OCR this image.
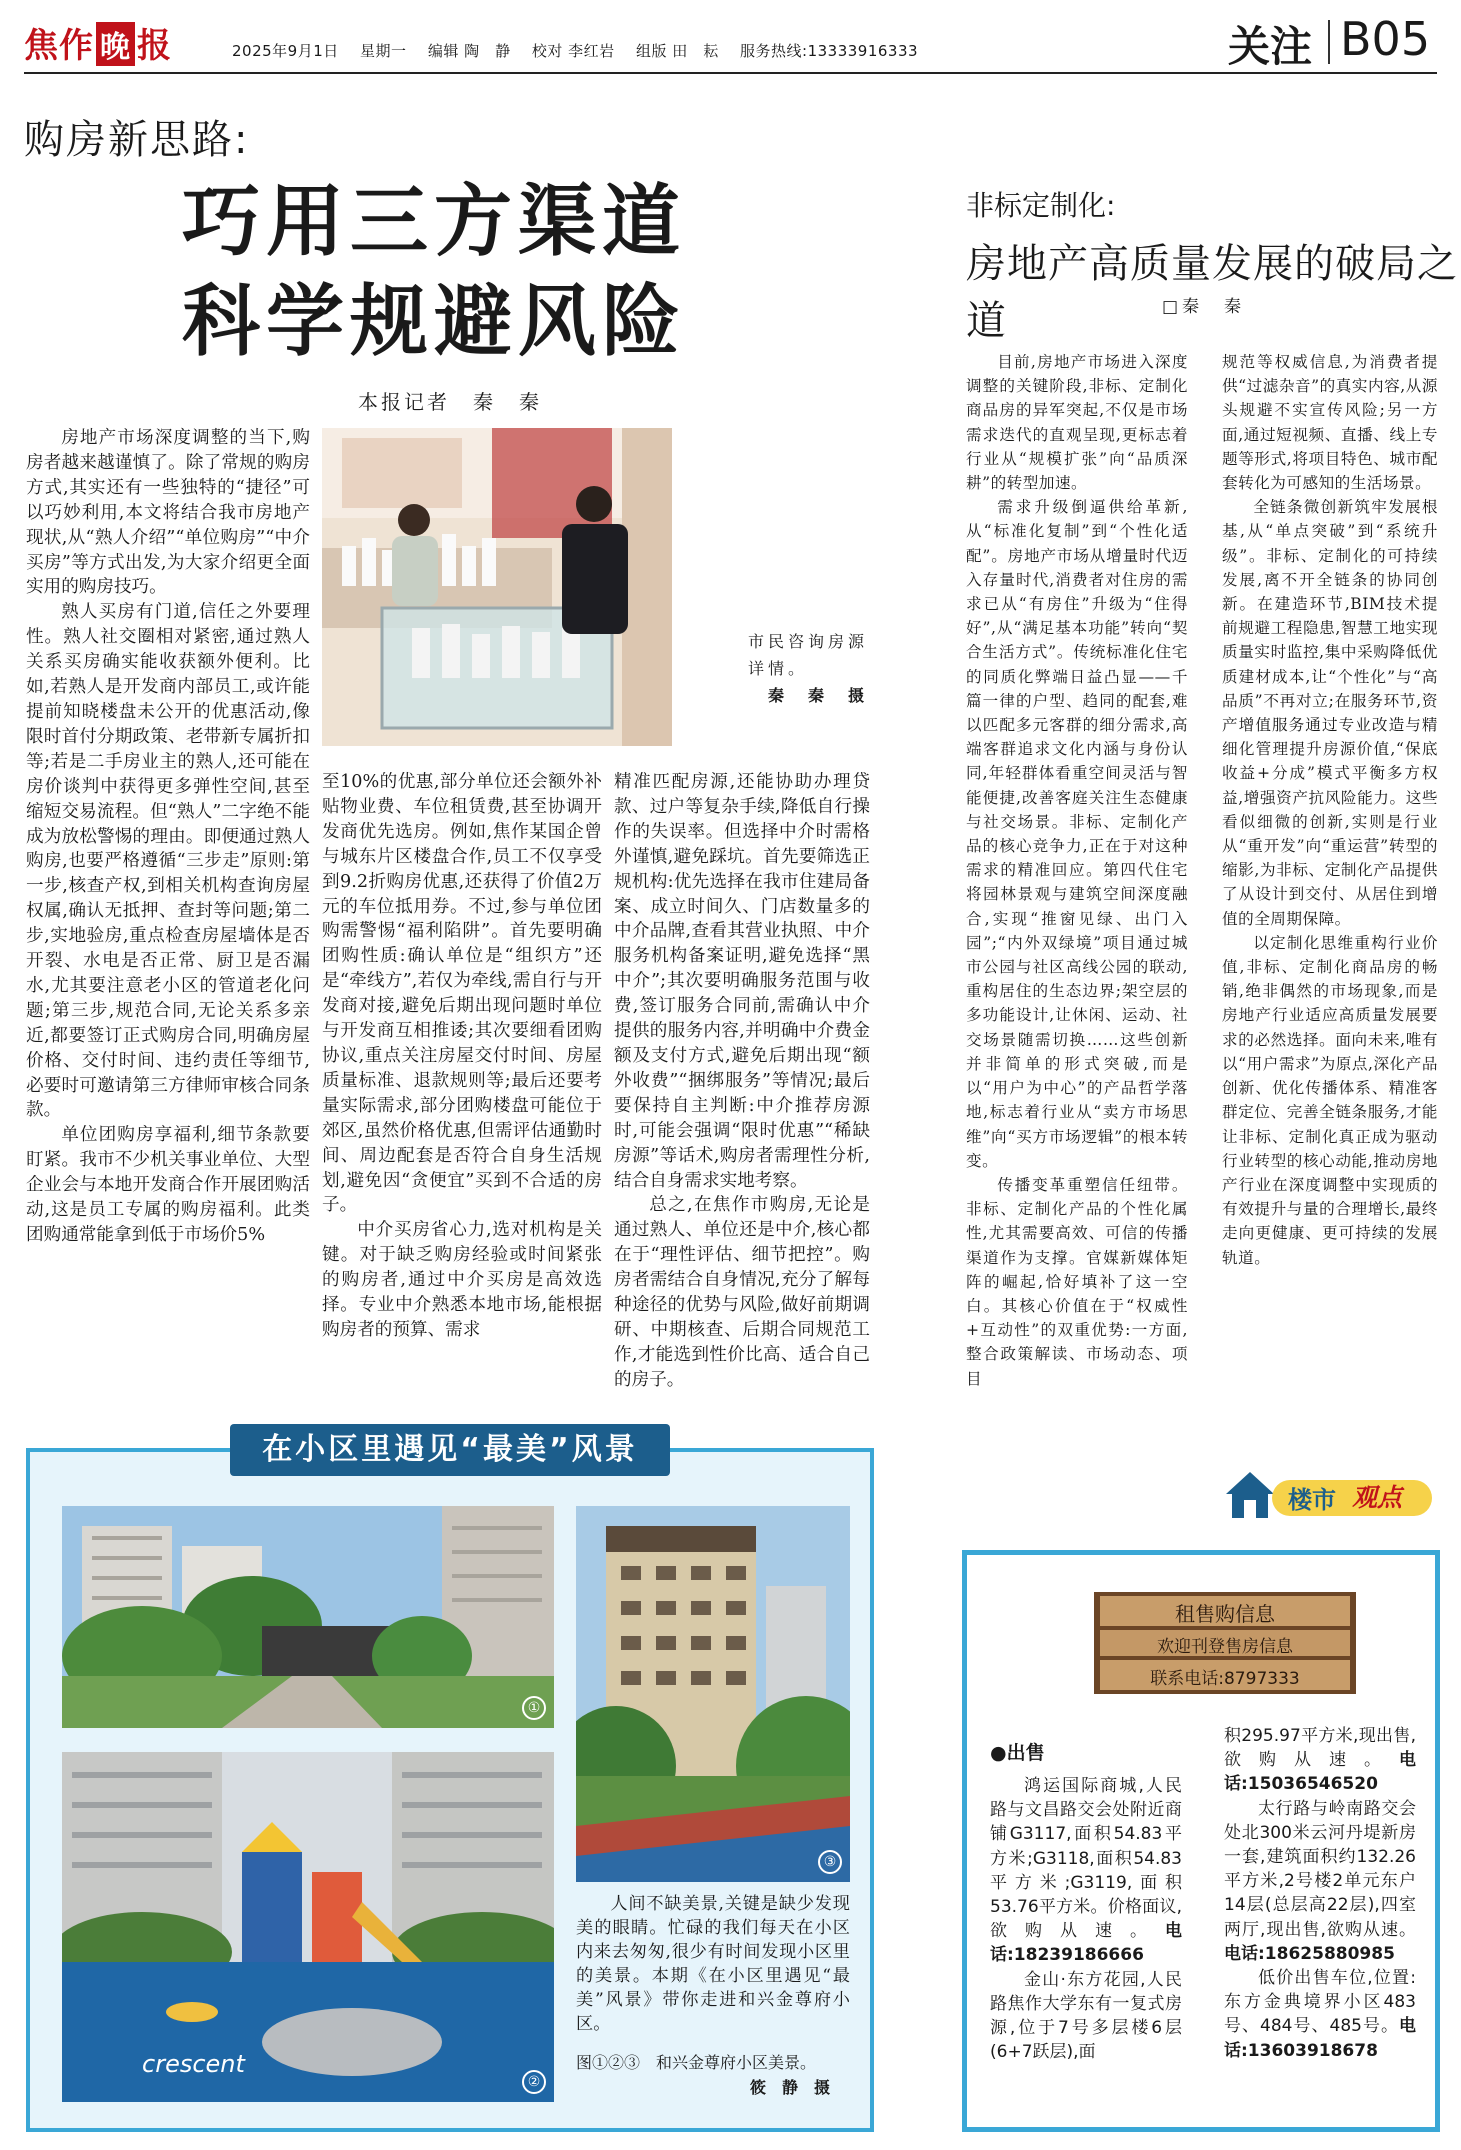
焦作 晚 报	2025年9月1日 星期一 编辑 陶　静 校对 李红岩 组版 田　耘 服务热线:13333916333	关注 B05
购房新思路:
巧用三方渠道
科学规避风险
本报记者　秦　秦

房地产市场深度调整的当下,购房者越来越谨慎了。除了常规的购房方式,其实还有一些独特的“捷径”可以巧妙利用,本文将结合我市房地产现状,从“熟人介绍”“单位购房”“中介买房”等方式出发,为大家介绍更全面实用的购房技巧。

熟人买房有门道,信任之外要理性。熟人社交圈相对紧密,通过熟人关系买房确实能收获额外便利。比如,若熟人是开发商内部员工,或许能提前知晓楼盘未公开的优惠活动,像限时首付分期政策、老带新专属折扣等;若是二手房业主的熟人,还可能在房价谈判中获得更多弹性空间,甚至缩短交易流程。但“熟人”二字绝不能成为放松警惕的理由。即便通过熟人购房,也要严格遵循“三步走”原则:第一步,核查产权,到相关机构查询房屋权属,确认无抵押、查封等问题;第二步,实地验房,重点检查房屋墙体是否开裂、水电是否正常、厨卫是否漏水,尤其要注意老小区的管道老化问题;第三步,规范合同,无论关系多亲近,都要签订正式购房合同,明确房屋价格、交付时间、违约责任等细节,必要时可邀请第三方律师审核合同条款。

单位团购房享福利,细节条款要盯紧。我市不少机关事业单位、大型企业会与本地开发商合作开展团购活动,这是员工专属的购房福利。此类团购通常能拿到低于市场价5%

市民咨询房源详情。
秦　秦　摄

至10%的优惠,部分单位还会额外补贴物业费、车位租赁费,甚至协调开发商优先选房。例如,焦作某国企曾与城东片区楼盘合作,员工不仅享受到9.2折购房优惠,还获得了价值2万元的车位抵用券。不过,参与单位团购需警惕“福利陷阱”。首先要明确团购性质:确认单位是“组织方”还是“牵线方”,若仅为牵线,需自行与开发商对接,避免后期出现问题时单位与开发商互相推诿;其次要细看团购协议,重点关注房屋交付时间、房屋质量标准、退款规则等;最后还要考量实际需求,部分团购楼盘可能位于郊区,虽然价格优惠,但需评估通勤时间、周边配套是否符合自身生活规划,避免因“贪便宜”买到不合适的房子。

中介买房省心力,选对机构是关键。对于缺乏购房经验或时间紧张的购房者,通过中介买房是高效选择。专业中介熟悉本地市场,能根据购房者的预算、需求

精准匹配房源,还能协助办理贷款、过户等复杂手续,降低自行操作的失误率。但选择中介时需格外谨慎,避免踩坑。首先要筛选正规机构:优先选择在我市住建局备案、成立时间久、门店数量多的中介品牌,查看其营业执照、中介服务机构备案证明,避免选择“黑中介”;其次要明确服务范围与收费,签订服务合同前,需确认中介提供的服务内容,并明确中介费金额及支付方式,避免后期出现“额外收费”“捆绑服务”等情况;最后要保持自主判断:中介推荐房源时,可能会强调“限时优惠”“稀缺房源”等话术,购房者需理性分析,结合自身需求实地考察。

总之,在焦作市购房,无论是通过熟人、单位还是中介,核心都在于“理性评估、细节把控”。购房者需结合自身情况,充分了解每种途径的优势与风险,做好前期调研、中期核查、后期合同规范工作,才能选到性价比高、适合自己的房子。

非标定制化:
房地产高质量发展的破局之道	□秦　秦

目前,房地产市场进入深度调整的关键阶段,非标、定制化商品房的异军突起,不仅是市场需求迭代的直观呈现,更标志着行业从“规模扩张”向“品质深耕”的转型加速。

需求升级倒逼供给革新,从“标准化复制”到“个性化适配”。房地产市场从增量时代迈入存量时代,消费者对住房的需求已从“有房住”升级为“住得好”,从“满足基本功能”转向“契合生活方式”。传统标准化住宅的同质化弊端日益凸显——千篇一律的户型、趋同的配套,难以匹配多元客群的细分需求,高端客群追求文化内涵与身份认同,年轻群体看重空间灵活与智能便捷,改善客庭关注生态健康与社交场景。非标、定制化产品的核心竞争力,正在于对这种需求的精准回应。第四代住宅将园林景观与建筑空间深度融合,实现“推窗见绿、出门入园”;“内外双绿境”项目通过城市公园与社区高线公园的联动,重构居住的生态边界;架空层的多功能设计,让休闲、运动、社交场景随需切换……这些创新并非简单的形式突破,而是以“用户为中心”的产品哲学落地,标志着行业从“卖方市场思维”向“买方市场逻辑”的根本转变。

传播变革重塑信任纽带。非标、定制化产品的个性化属性,尤其需要高效、可信的传播渠道作为支撑。官媒新媒体矩阵的崛起,恰好填补了这一空白。其核心价值在于“权威性+互动性”的双重优势:一方面,整合政策解读、市场动态、项目

规范等权威信息,为消费者提供“过滤杂音”的真实内容,从源头规避不实宣传风险;另一方面,通过短视频、直播、线上专题等形式,将项目特色、城市配套转化为可感知的生活场景。

全链条微创新筑牢发展根基,从“单点突破”到“系统升级”。非标、定制化的可持续发展,离不开全链条的协同创新。在建造环节,BIM技术提前规避工程隐患,智慧工地实现质量实时监控,集中采购降低优质建材成本,让“个性化”与“高品质”不再对立;在服务环节,资产增值服务通过专业改造与精细化管理提升房源价值,“保底收益+分成”模式平衡多方权益,增强资产抗风险能力。这些看似细微的创新,实则是行业从“重开发”向“重运营”转型的缩影,为非标、定制化产品提供了从设计到交付、从居住到增值的全周期保障。

以定制化思维重构行业价值,非标、定制化商品房的畅销,绝非偶然的市场现象,而是房地产行业适应高质量发展要求的必然选择。面向未来,唯有以“用户需求”为原点,深化产品创新、优化传播体系、精准客群定位、完善全链条服务,才能让非标、定制化真正成为驱动行业转型的核心动能,推动房地产行业在深度调整中实现质的有效提升与量的合理增长,最终走向更健康、更可持续的发展轨道。

楼市 观点
在小区里遇见“最美”风景
①
crescent
②
③

人间不缺美景,关键是缺少发现美的眼睛。忙碌的我们每天在小区内来去匆匆,很少有时间发现小区里的美景。本期《在小区里遇见“最美”风景》带你走进和兴金尊府小区。

图①②③　和兴金尊府小区美景。
筱　静　摄
租售购信息
欢迎刊登售房信息
联系电话:8797333
●出售

鸿运国际商城,人民路与文昌路交会处附近商铺G3117,面积54.83平方米;G3118,面积54.83平方米;G3119,面积53.76平方米。价格面议,欲购从速。电话:18239186666

金山·东方花园,人民路焦作大学东有一复式房源,位于7号多层楼6层(6+7跃层),面

积295.97平方米,现出售,欲购从速。电话:15036546520

太行路与岭南路交会处北300米云河丹堤新房一套,建筑面积约132.26平方米,2号楼2单元东户14层(总层高22层),四室两厅,现出售,欲购从速。电话:18625880985

低价出售车位,位置:东方金典境界小区483号、484号、485号。电话:13603918678
